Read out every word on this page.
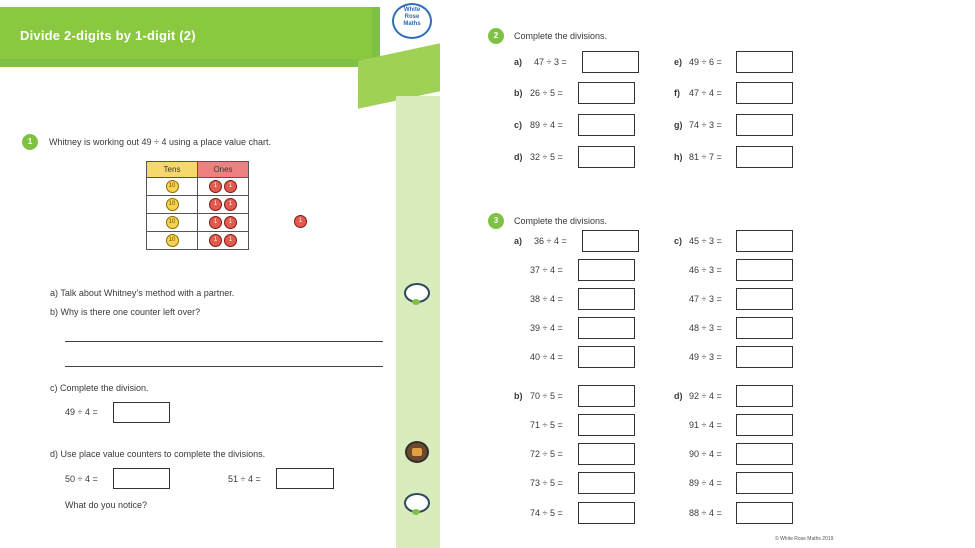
Divide 2-digits by 1-digit (2)
White
Rose
Maths
1	Whitney is working out 49 ÷ 4 using a place value chart.
Tens	Ones
10	1 1
10	1 1
10	1 1
10	1 1
1
a) Talk about Whitney’s method with a partner.
b) Why is there one counter left over?
c) Complete the division.
49 ÷ 4 =
d) Use place value counters to complete the divisions.
50 ÷ 4 =	51 ÷ 4 =
What do you notice?
2	Complete the divisions.
a) 47 ÷ 3 =
b) 26 ÷ 5 =
c) 89 ÷ 4 =
d) 32 ÷ 5 =
e) 49 ÷ 6 =
f) 47 ÷ 4 =
g) 74 ÷ 3 =
h) 81 ÷ 7 =
3	Complete the divisions.
a) 36 ÷ 4 =
37 ÷ 4 =
38 ÷ 4 =
39 ÷ 4 =
40 ÷ 4 =
c) 45 ÷ 3 =
46 ÷ 3 =
47 ÷ 3 =
48 ÷ 3 =
49 ÷ 3 =
b) 70 ÷ 5 =
71 ÷ 5 =
72 ÷ 5 =
73 ÷ 5 =
74 ÷ 5 =
d) 92 ÷ 4 =
91 ÷ 4 =
90 ÷ 4 =
89 ÷ 4 =
88 ÷ 4 =
© White Rose Maths 2019
